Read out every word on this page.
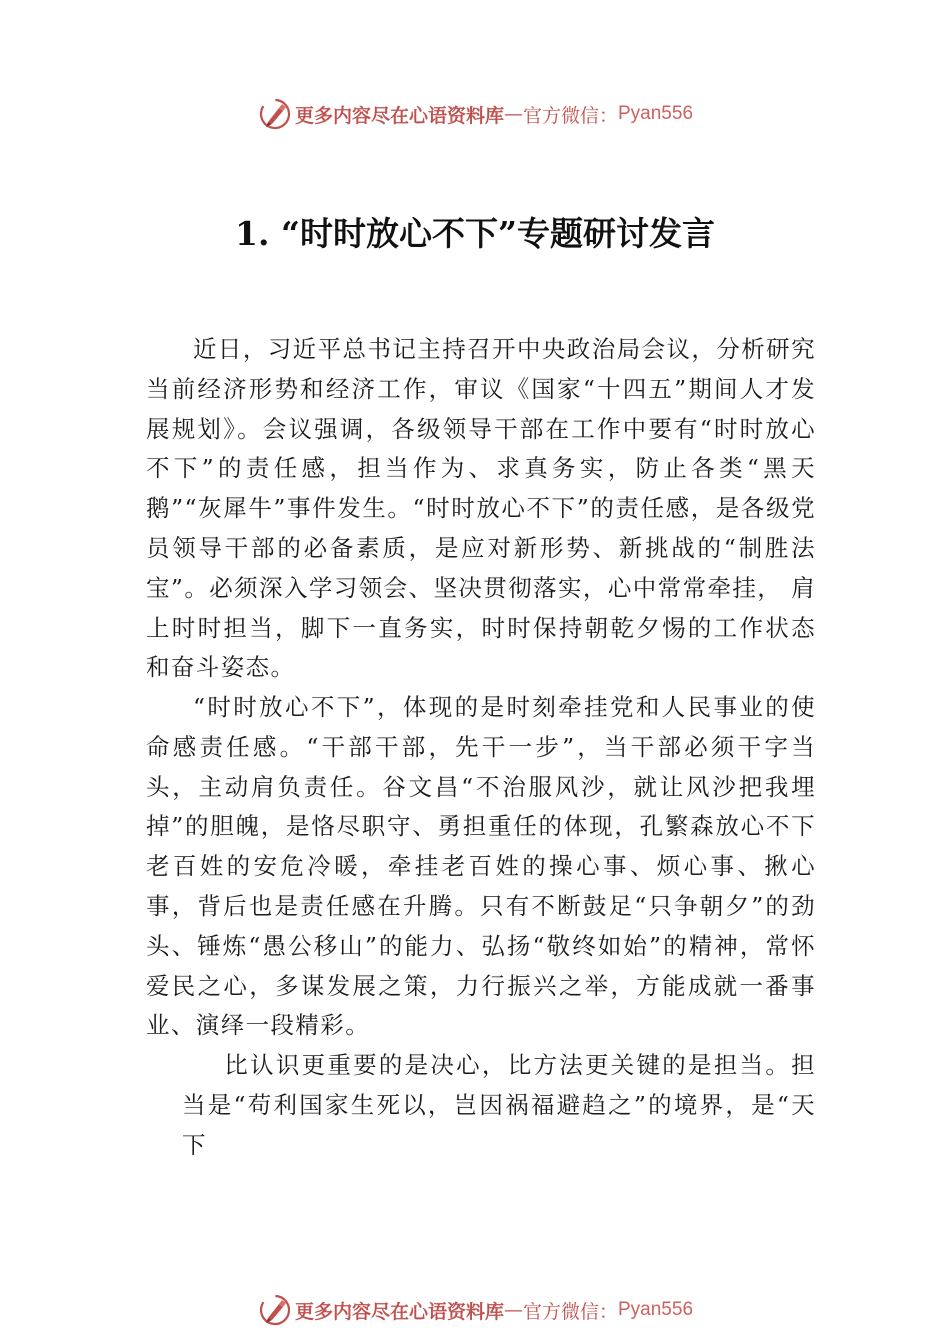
更多内容尽在心语资料库 — 官方微信： Pyan556
1. “时时放心不下”专题研讨发言

近日，习近平总书记主持召开中央政治局会议，分析研究当前经济形势和经济工作，审议《国家“十四五”期间人才发展规划》。会议强调，各级领导干部在工作中要有“时时放心不下”的责任感，担当作为、求真务实，防止各类“黑天鹅”“灰犀牛”事件发生。“时时放心不下”的责任感，是各级党员领导干部的必备素质，是应对新形势、新挑战的“制胜法宝”。必须深入学习领会、坚决贯彻落实，心中常常牵挂， 肩上时时担当，脚下一直务实，时时保持朝乾夕惕的工作状态和奋斗姿态。

“时时放心不下”，体现的是时刻牵挂党和人民事业的使命感责任感。“干部干部，先干一步”，当干部必须干字当头，主动肩负责任。谷文昌“不治服风沙，就让风沙把我埋掉”的胆魄，是恪尽职守、勇担重任的体现，孔繁森放心不下老百姓的安危冷暖，牵挂老百姓的操心事、烦心事、揪心事，背后也是责任感在升腾。只有不断鼓足“只争朝夕”的劲头、锤炼“愚公移山”的能力、弘扬“敬终如始”的精神，常怀爱民之心，多谋发展之策，力行振兴之举，方能成就一番事业、演绎一段精彩。

比认识更重要的是决心，比方法更关键的是担当。担当是“苟利国家生死以，岂因祸福避趋之”的境界，是“天下

更多内容尽在心语资料库 — 官方微信： Pyan556
